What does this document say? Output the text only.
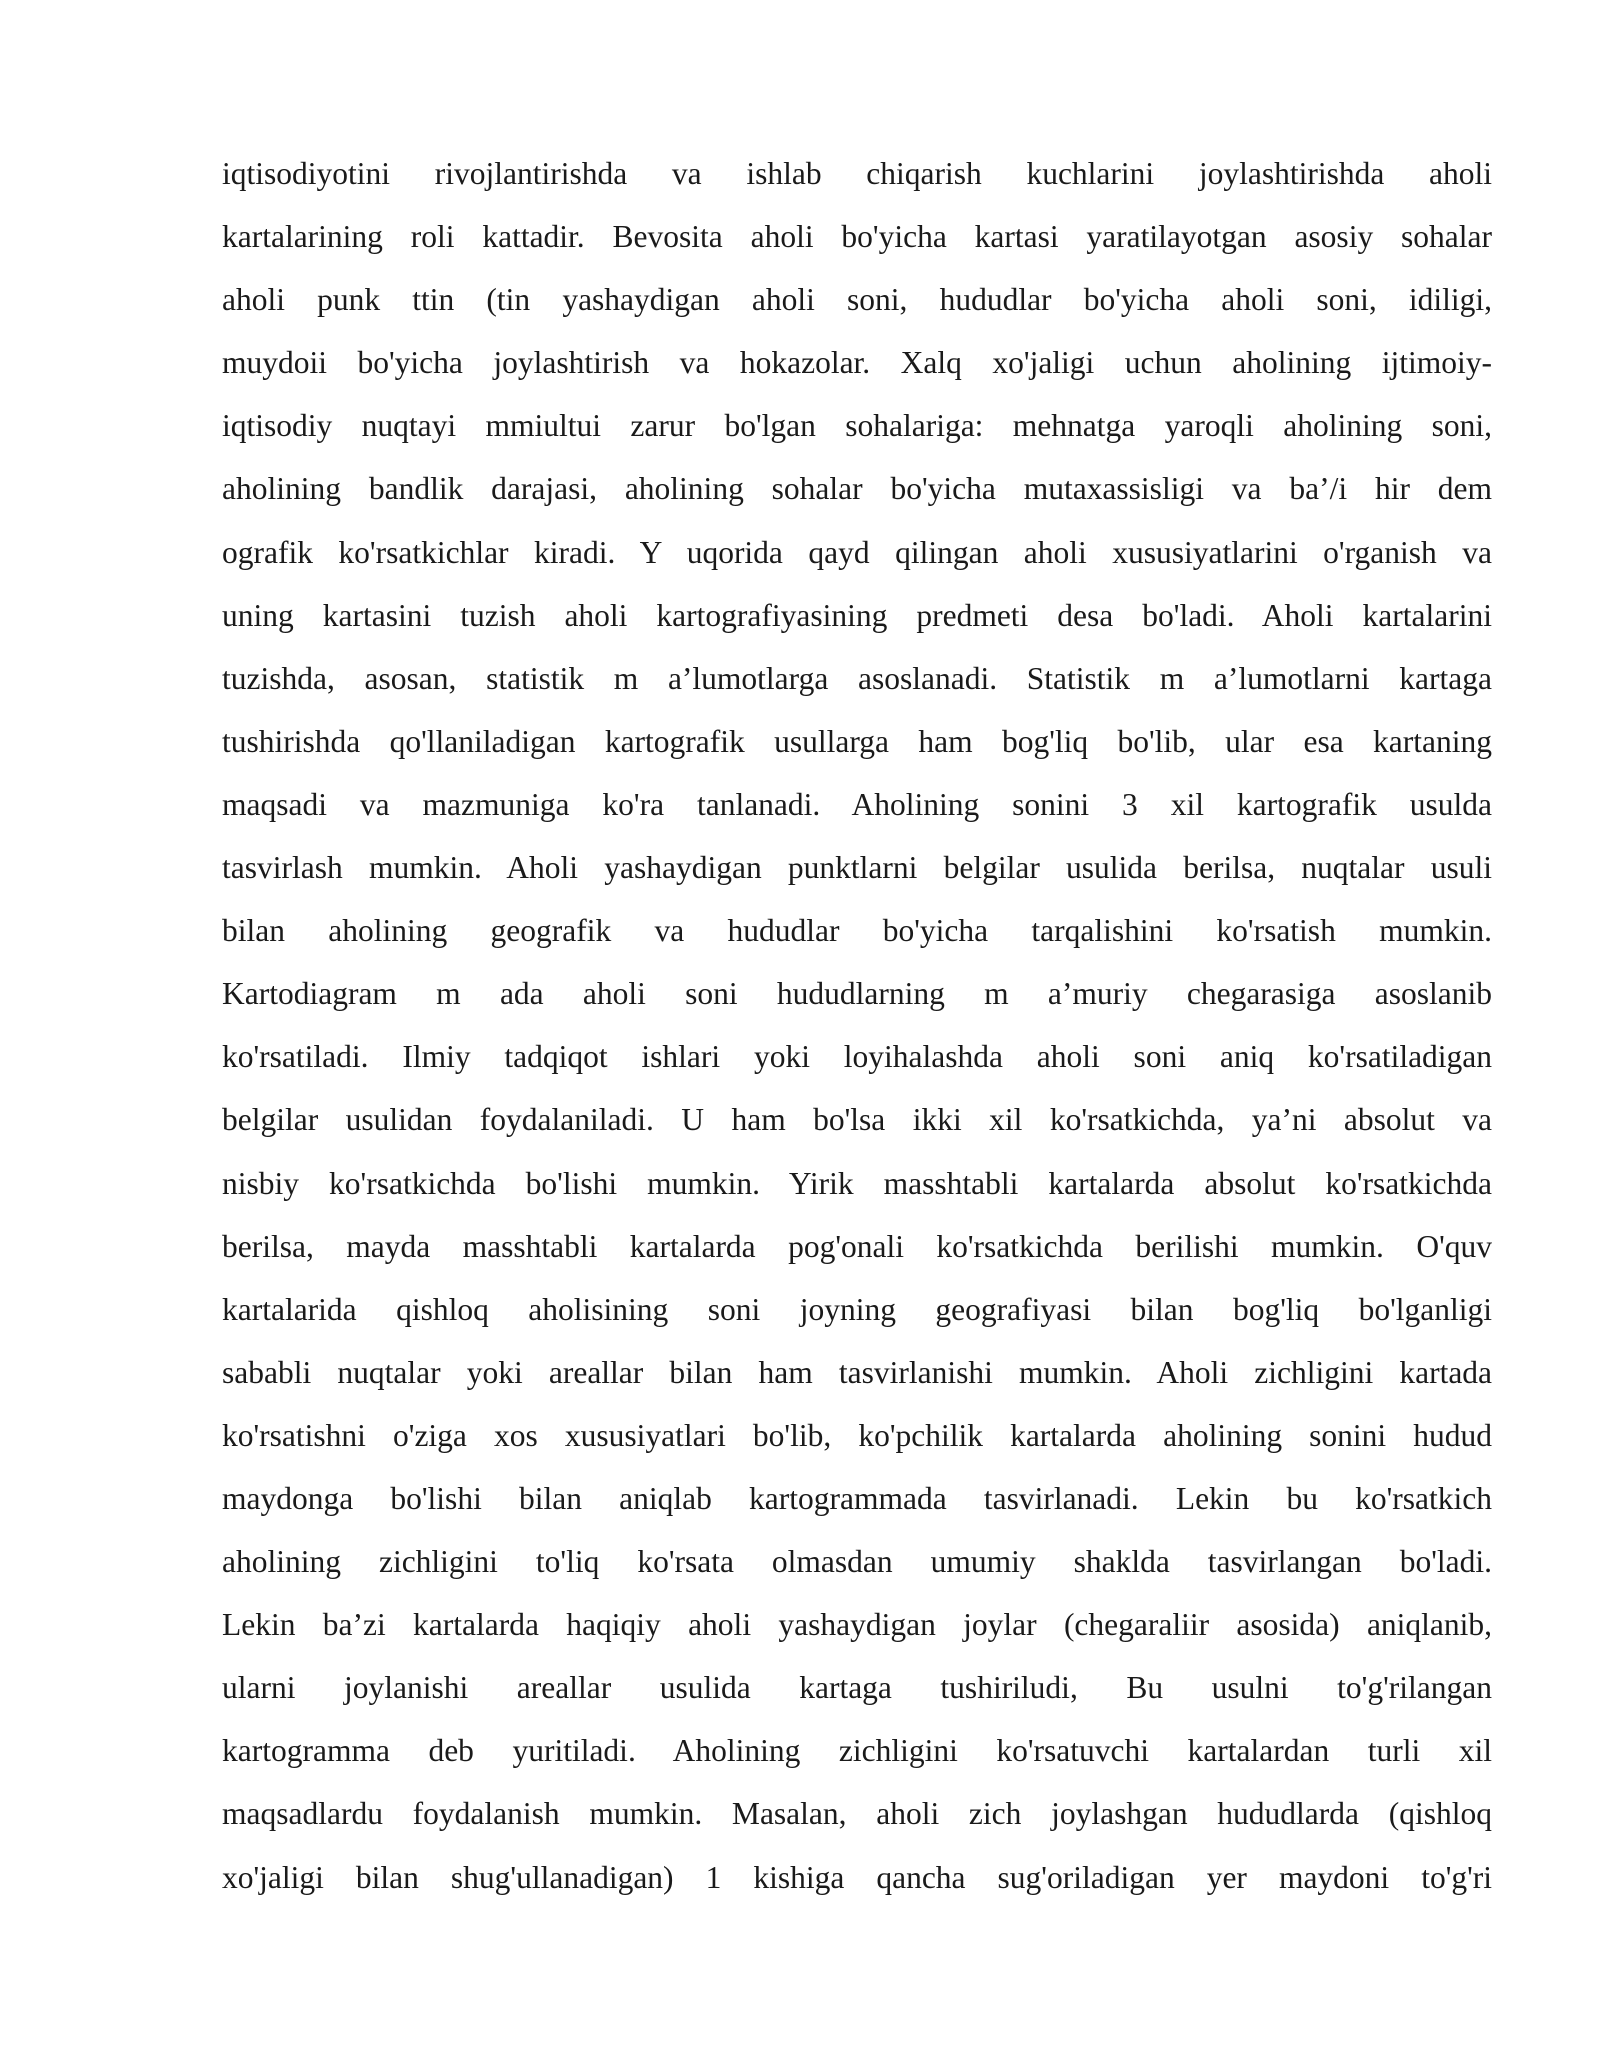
iqtisodiyotini rivojlantirishda va ishlab chiqarish kuchlarini joylashtirishda aholi
kartalarining roli kattadir. Bevosita aholi bo'yicha kartasi yaratilayotgan asosiy sohalar
aholi punk ttin (tin yashaydigan aholi soni, hududlar bo'yicha aholi soni, idiligi,
muydoii bo'yicha joylashtirish va hokazolar. Xalq xo'jaligi uchun aholining ijtimoiy-
iqtisodiy nuqtayi mmiultui zarur bo'lgan sohalariga: mehnatga yaroqli aholining soni,
aholining bandlik darajasi, aholining sohalar bo'yicha mutaxassisligi va ba’/i hir dem
ografik ko'rsatkichlar kiradi. Y uqorida qayd qilingan aholi xususiyatlarini o'rganish va
uning kartasini tuzish aholi kartografiyasining predmeti desa bo'ladi. Aholi kartalarini
tuzishda, asosan, statistik m a’lumotlarga asoslanadi. Statistik m a’lumotlarni kartaga
tushirishda qo'llaniladigan kartografik usullarga ham bog'liq bo'lib, ular esa kartaning
maqsadi va mazmuniga ko'ra tanlanadi. Aholining sonini 3 xil kartografik usulda
tasvirlash mumkin. Aholi yashaydigan punktlarni belgilar usulida berilsa, nuqtalar usuli
bilan aholining geografik va hududlar bo'yicha tarqalishini ko'rsatish mumkin.
Kartodiagram m ada aholi soni hududlarning m a’muriy chegarasiga asoslanib
ko'rsatiladi. Ilmiy tadqiqot ishlari yoki loyihalashda aholi soni aniq ko'rsatiladigan
belgilar usulidan foydalaniladi. U ham bo'lsa ikki xil ko'rsatkichda, ya’ni absolut va
nisbiy ko'rsatkichda bo'lishi mumkin. Yirik masshtabli kartalarda absolut ko'rsatkichda
berilsa, mayda masshtabli kartalarda pog'onali ko'rsatkichda berilishi mumkin. O'quv
kartalarida qishloq aholisining soni joyning geografiyasi bilan bog'liq bo'lganligi
sababli nuqtalar yoki areallar bilan ham tasvirlanishi mumkin. Aholi zichligini kartada
ko'rsatishni o'ziga xos xususiyatlari bo'lib, ko'pchilik kartalarda aholining sonini hudud
maydonga bo'lishi bilan aniqlab kartogrammada tasvirlanadi. Lekin bu ko'rsatkich
aholining zichligini to'liq ko'rsata olmasdan umumiy shaklda tasvirlangan bo'ladi.
Lekin ba’zi kartalarda haqiqiy aholi yashaydigan joylar (chegaraliir asosida) aniqlanib,
ularni joylanishi areallar usulida kartaga tushiriludi, Bu usulni to'g'rilangan
kartogramma deb yuritiladi. Aholining zichligini ko'rsatuvchi kartalardan turli xil
maqsadlardu foydalanish mumkin. Masalan, aholi zich joylashgan hududlarda (qishloq
xo'jaligi bilan shug'ullanadigan) 1 kishiga qancha sug'oriladigan yer maydoni to'g'ri
